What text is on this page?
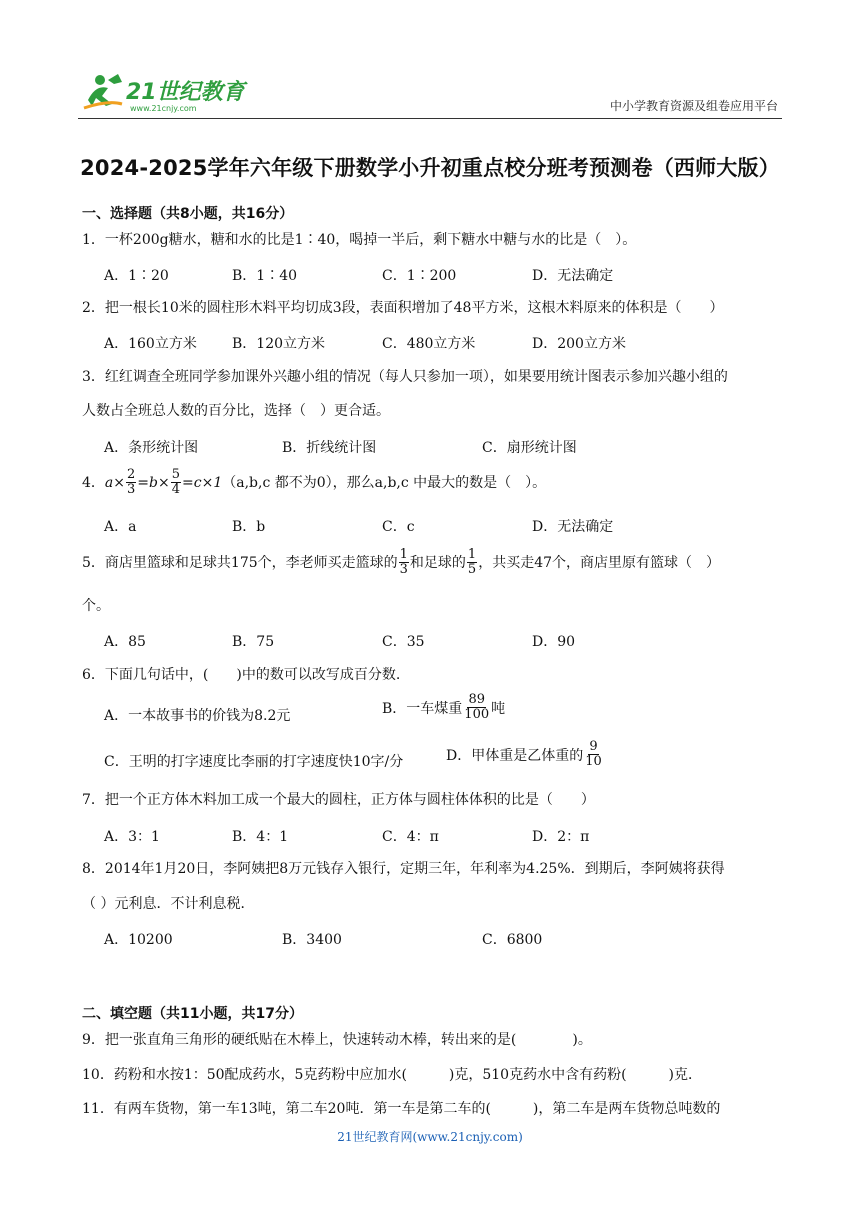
21世纪教育
www.21cnjy.com	中小学教育资源及组卷应用平台
2024-2025学年六年级下册数学小升初重点校分班考预测卷（西师大版）
一、选择题（共8小题，共16分）
1．一杯200g糖水，糖和水的比是1∶40，喝掉一半后，剩下糖水中糖与水的比是（　）。
A．1∶20	B．1∶40	C．1∶200	D．无法确定
2．把一根长10米的圆柱形木料平均切成3段，表面积增加了48平方米，这根木料原来的体积是（　　）
A．160立方米	B．120立方米	C．480立方米	D．200立方米
3．红红调查全班同学参加课外兴趣小组的情况（每人只参加一项），如果要用统计图表示参加兴趣小组的
人数占全班总人数的百分比，选择（　）更合适。
A．条形统计图	B．折线统计图	C．扇形统计图
4． $a \times \frac{2}{3} = b \times \frac{5}{4} = c\times 1$ （a,b,c 都不为0），那么a,b,c 中最大的数是（　）。
A．a	B．b	C．c	D．无法确定
5．商店里篮球和足球共175个，李老师买走篮球的 $\frac{1}{3}$ 和足球的 $\frac{1}{5}$ ，共买走47个，商店里原有篮球（　）
个。
A．85	B．75	C．35	D．90
6．下面几句话中，(　　)中的数可以改写成百分数.
A．一本故事书的价钱为8.2元	B．一车煤重 $\frac{89}{100}$ 吨
C．王明的打字速度比李丽的打字速度快10字/分	D．甲体重是乙体重的 $\frac{9}{10}$
7．把一个正方体木料加工成一个最大的圆柱，正方体与圆柱体体积的比是（　　）
A．3：1	B．4：1	C．4：π	D．2：π
8．2014年1月20日，李阿姨把8万元钱存入银行，定期三年，年利率为4.25%．到期后，李阿姨将获得
（ ）元利息．不计利息税．
A．10200	B．3400	C．6800
二、填空题（共11小题，共17分）
9．把一张直角三角形的硬纸贴在木棒上，快速转动木棒，转出来的是(　　　　)。
10．药粉和水按1：50配成药水，5克药粉中应加水(　　　)克，510克药水中含有药粉(　　　)克．
11．有两车货物，第一车13吨，第二车20吨．第一车是第二车的(　　　)，第二车是两车货物总吨数的
21世纪教育网(www.21cnjy.com)
